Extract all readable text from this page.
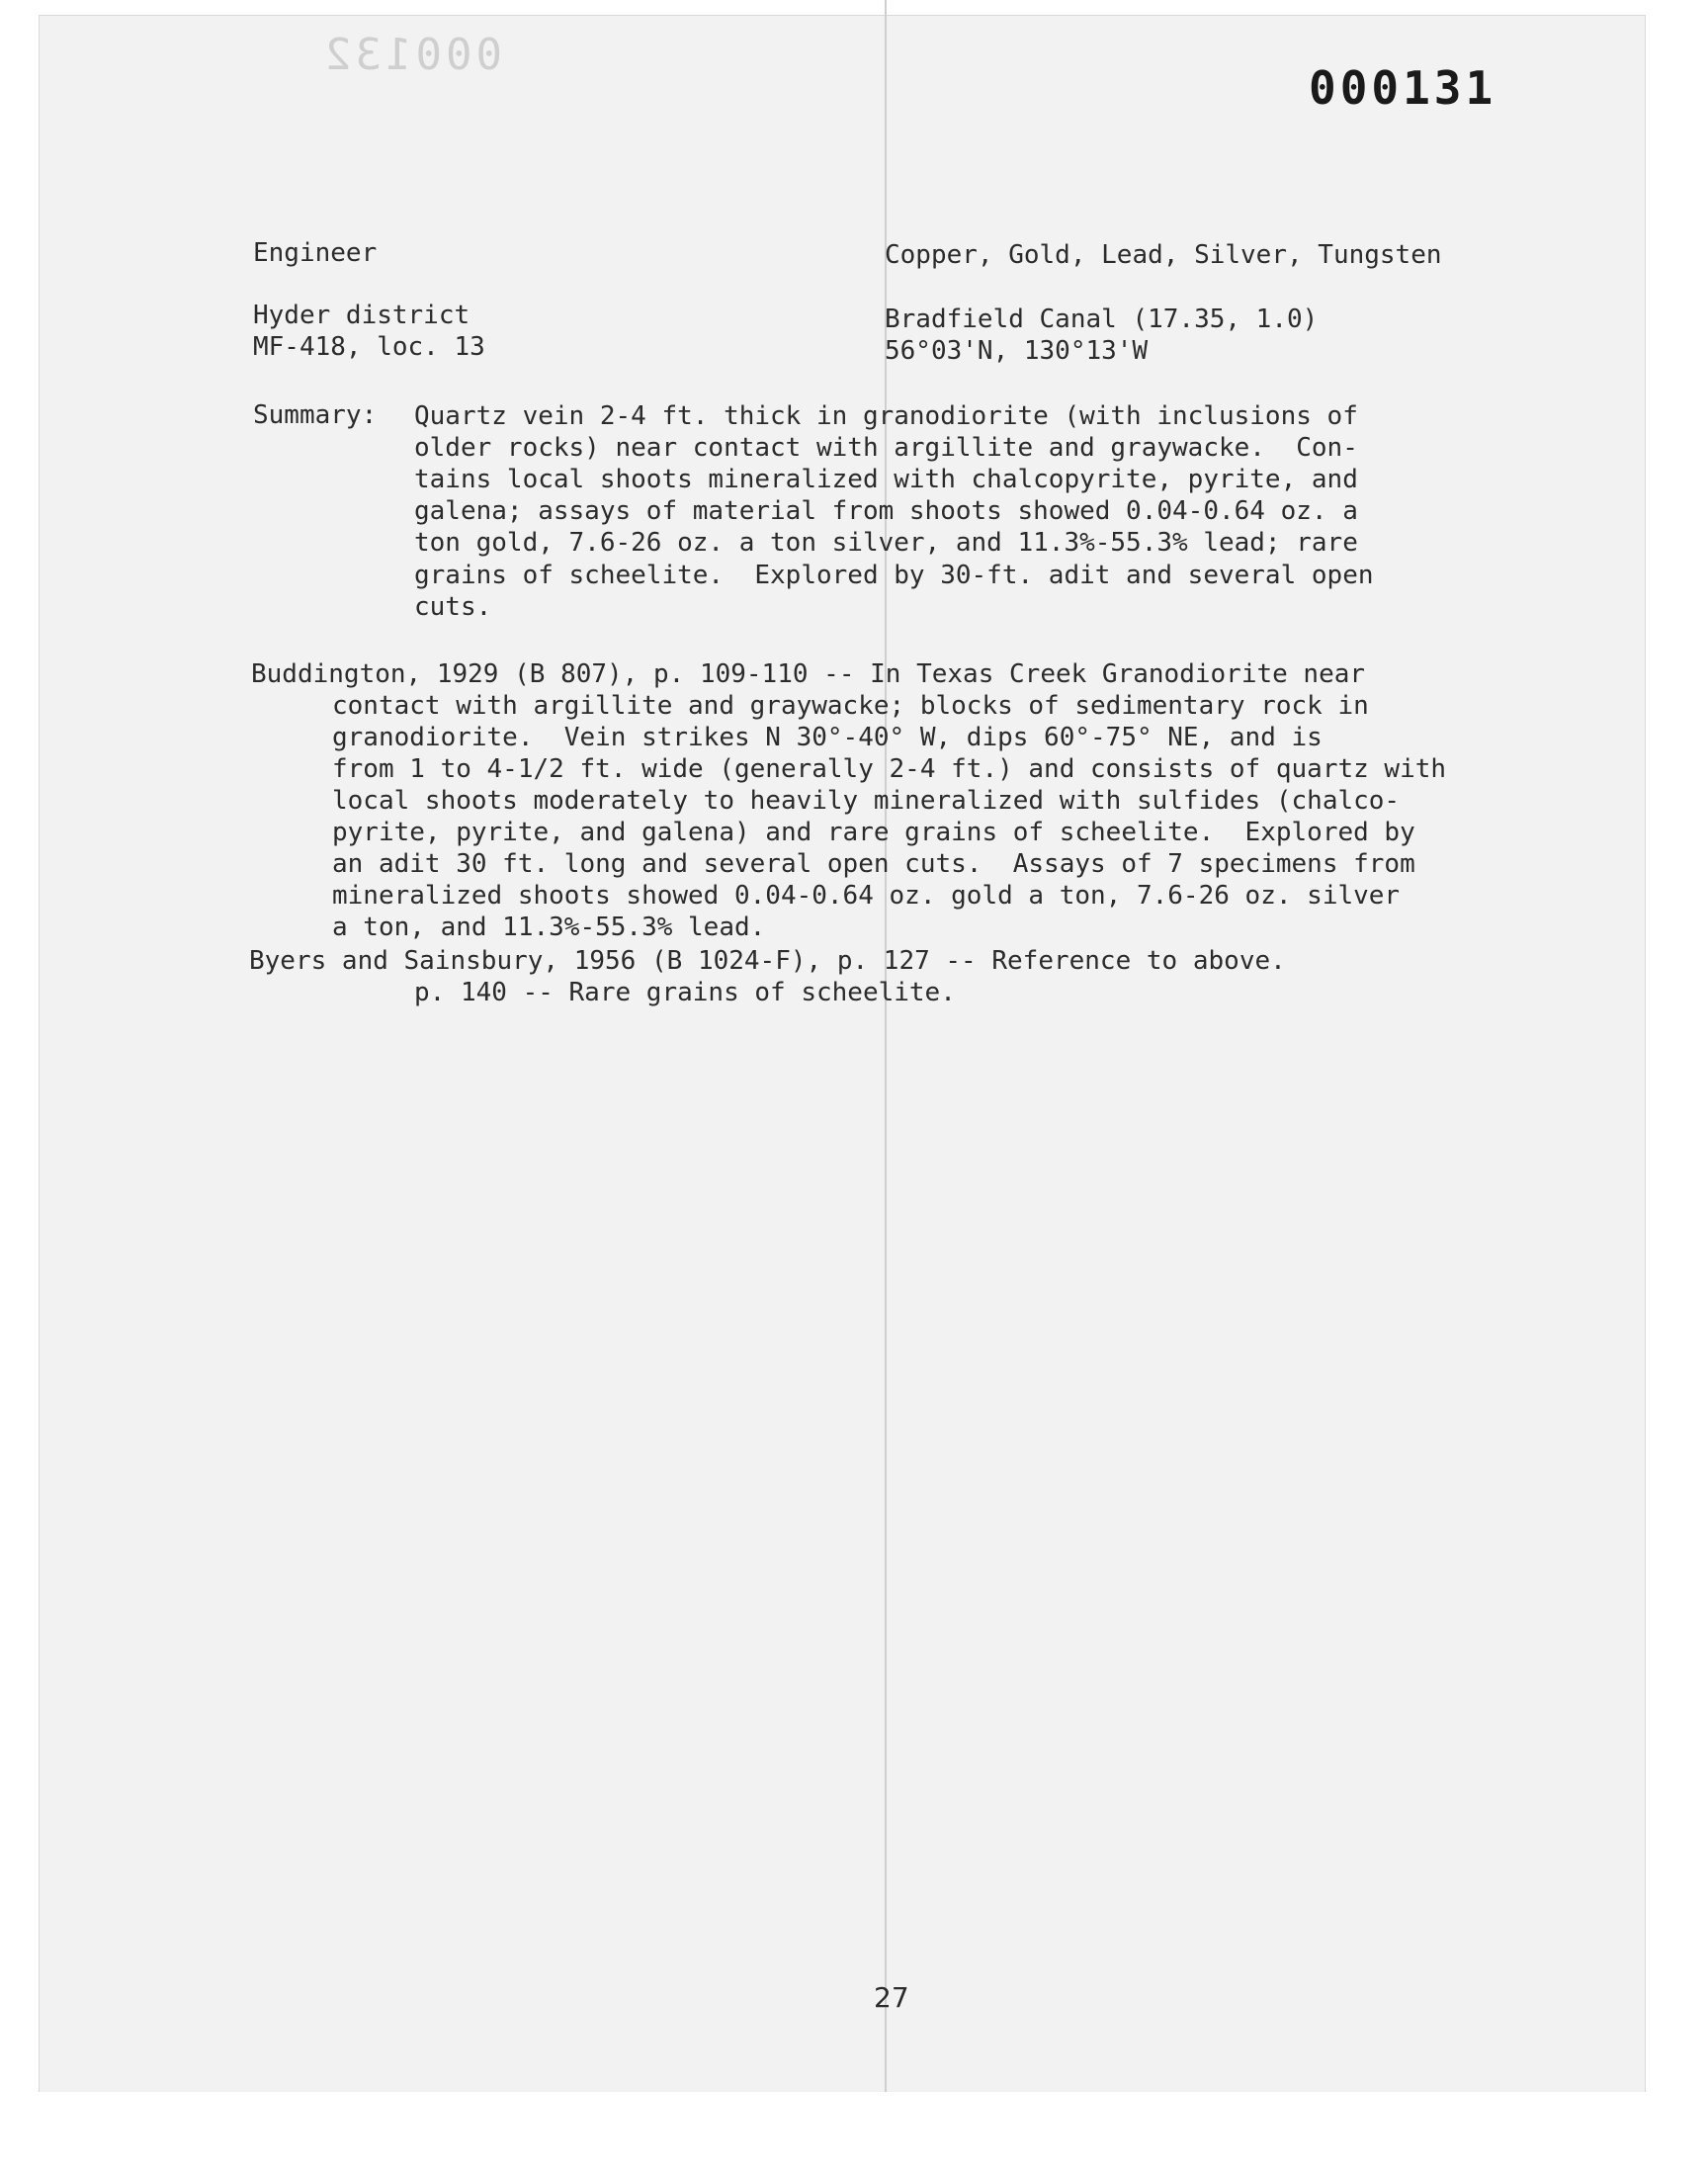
000132
000131

Engineer	Copper, Gold, Lead, Silver, Tungsten

Hyder district

MF-418, loc. 13

Bradfield Canal (17.35, 1.0)

56°03'N, 130°13'W

Summary: Quartz vein 2-4 ft. thick in granodiorite (with inclusions of

older rocks) near contact with argillite and graywacke.  Con-

tains local shoots mineralized with chalcopyrite, pyrite, and

galena; assays of material from shoots showed 0.04-0.64 oz. a

ton gold, 7.6-26 oz. a ton silver, and 11.3%-55.3% lead; rare

grains of scheelite.  Explored by 30-ft. adit and several open

cuts.

Buddington, 1929 (B 807), p. 109-110 -- In Texas Creek Granodiorite near

contact with argillite and graywacke; blocks of sedimentary rock in

granodiorite.  Vein strikes N 30°-40° W, dips 60°-75° NE, and is

from 1 to 4-1/2 ft. wide (generally 2-4 ft.) and consists of quartz with

local shoots moderately to heavily mineralized with sulfides (chalco-

pyrite, pyrite, and galena) and rare grains of scheelite.  Explored by

an adit 30 ft. long and several open cuts.  Assays of 7 specimens from

mineralized shoots showed 0.04-0.64 oz. gold a ton, 7.6-26 oz. silver

a ton, and 11.3%-55.3% lead.

Byers and Sainsbury, 1956 (B 1024-F), p. 127 -- Reference to above.

p. 140 -- Rare grains of scheelite.

27
